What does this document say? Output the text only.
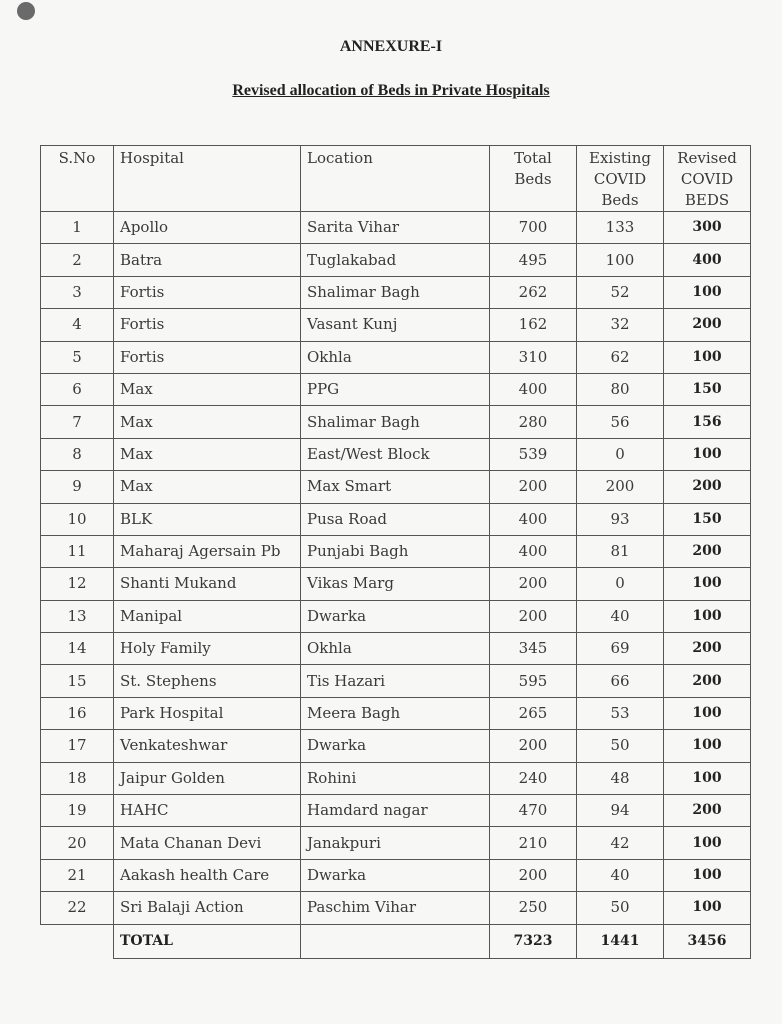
ANNEXURE-I
Revised allocation of Beds in Private Hospitals
S.No	Hospital	Location	Total Beds	Existing COVID Beds	Revised COVID BEDS
1	Apollo	Sarita Vihar	700	133	300
2	Batra	Tuglakabad	495	100	400
3	Fortis	Shalimar Bagh	262	52	100
4	Fortis	Vasant Kunj	162	32	200
5	Fortis	Okhla	310	62	100
6	Max	PPG	400	80	150
7	Max	Shalimar Bagh	280	56	156
8	Max	East/West Block	539	0	100
9	Max	Max Smart	200	200	200
10	BLK	Pusa Road	400	93	150
11	Maharaj Agersain Pb	Punjabi Bagh	400	81	200
12	Shanti Mukand	Vikas Marg	200	0	100
13	Manipal	Dwarka	200	40	100
14	Holy Family	Okhla	345	69	200
15	St. Stephens	Tis Hazari	595	66	200
16	Park Hospital	Meera Bagh	265	53	100
17	Venkateshwar	Dwarka	200	50	100
18	Jaipur Golden	Rohini	240	48	100
19	HAHC	Hamdard nagar	470	94	200
20	Mata Chanan Devi	Janakpuri	210	42	100
21	Aakash health Care	Dwarka	200	40	100
22	Sri Balaji Action	Paschim Vihar	250	50	100
	TOTAL		7323	1441	3456
